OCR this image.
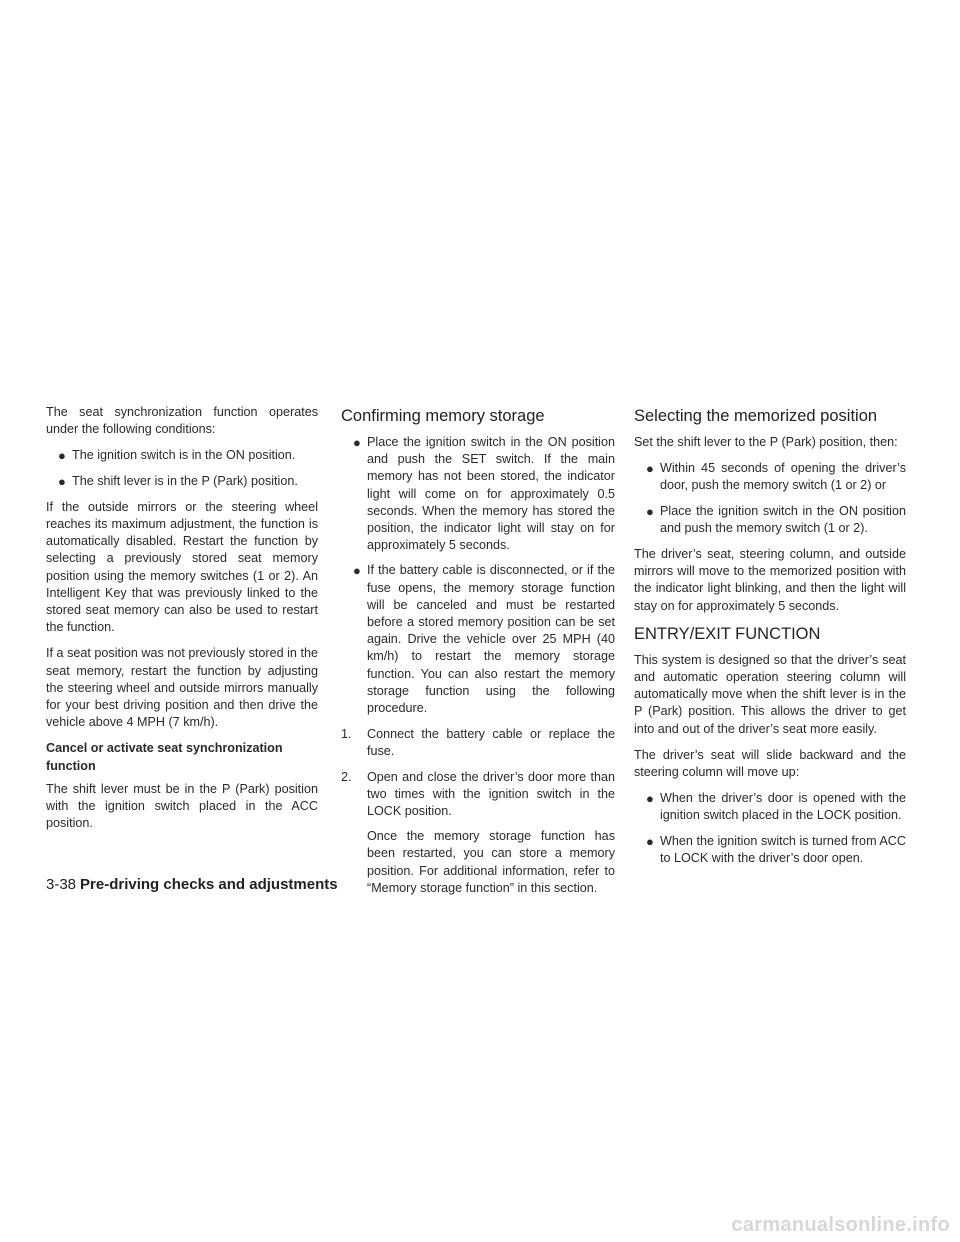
The seat synchronization function operates under the following conditions:

● The ignition switch is in the ON position.
● The shift lever is in the P (Park) position.

If the outside mirrors or the steering wheel reaches its maximum adjustment, the function is automatically disabled. Restart the function by selecting a previously stored seat memory position using the memory switches (1 or 2). An Intelligent Key that was previously linked to the stored seat memory can also be used to restart the function.

If a seat position was not previously stored in the seat memory, restart the function by adjusting the steering wheel and outside mirrors manually for your best driving position and then drive the vehicle above 4 MPH (7 km/h).

Cancel or activate seat synchronization function

The shift lever must be in the P (Park) position with the ignition switch placed in the ACC position.

Confirming memory storage
● Place the ignition switch in the ON position and push the SET switch. If the main memory has not been stored, the indicator light will come on for approximately 0.5 seconds. When the memory has stored the position, the indicator light will stay on for approximately 5 seconds.
● If the battery cable is disconnected, or if the fuse opens, the memory storage function will be canceled and must be restarted before a stored memory position can be set again. Drive the vehicle over 25 MPH (40 km/h) to restart the memory storage function. You can also restart the memory storage function using the following procedure.
1. Connect the battery cable or replace the fuse.
2. Open and close the driver’s door more than two times with the ignition switch in the LOCK position.

Once the memory storage function has been restarted, you can store a memory position. For additional information, refer to “Memory storage function” in this section.

Selecting the memorized position

Set the shift lever to the P (Park) position, then:

● Within 45 seconds of opening the driver’s door, push the memory switch (1 or 2) or
● Place the ignition switch in the ON position and push the memory switch (1 or 2).

The driver’s seat, steering column, and outside mirrors will move to the memorized position with the indicator light blinking, and then the light will stay on for approximately 5 seconds.

ENTRY/EXIT FUNCTION

This system is designed so that the driver’s seat and automatic operation steering column will automatically move when the shift lever is in the P (Park) position. This allows the driver to get into and out of the driver’s seat more easily.

The driver’s seat will slide backward and the steering column will move up:

● When the driver’s door is opened with the ignition switch placed in the LOCK position.
● When the ignition switch is turned from ACC to LOCK with the driver’s door open.
3-38 Pre-driving checks and adjustments
carmanualsonline.info
